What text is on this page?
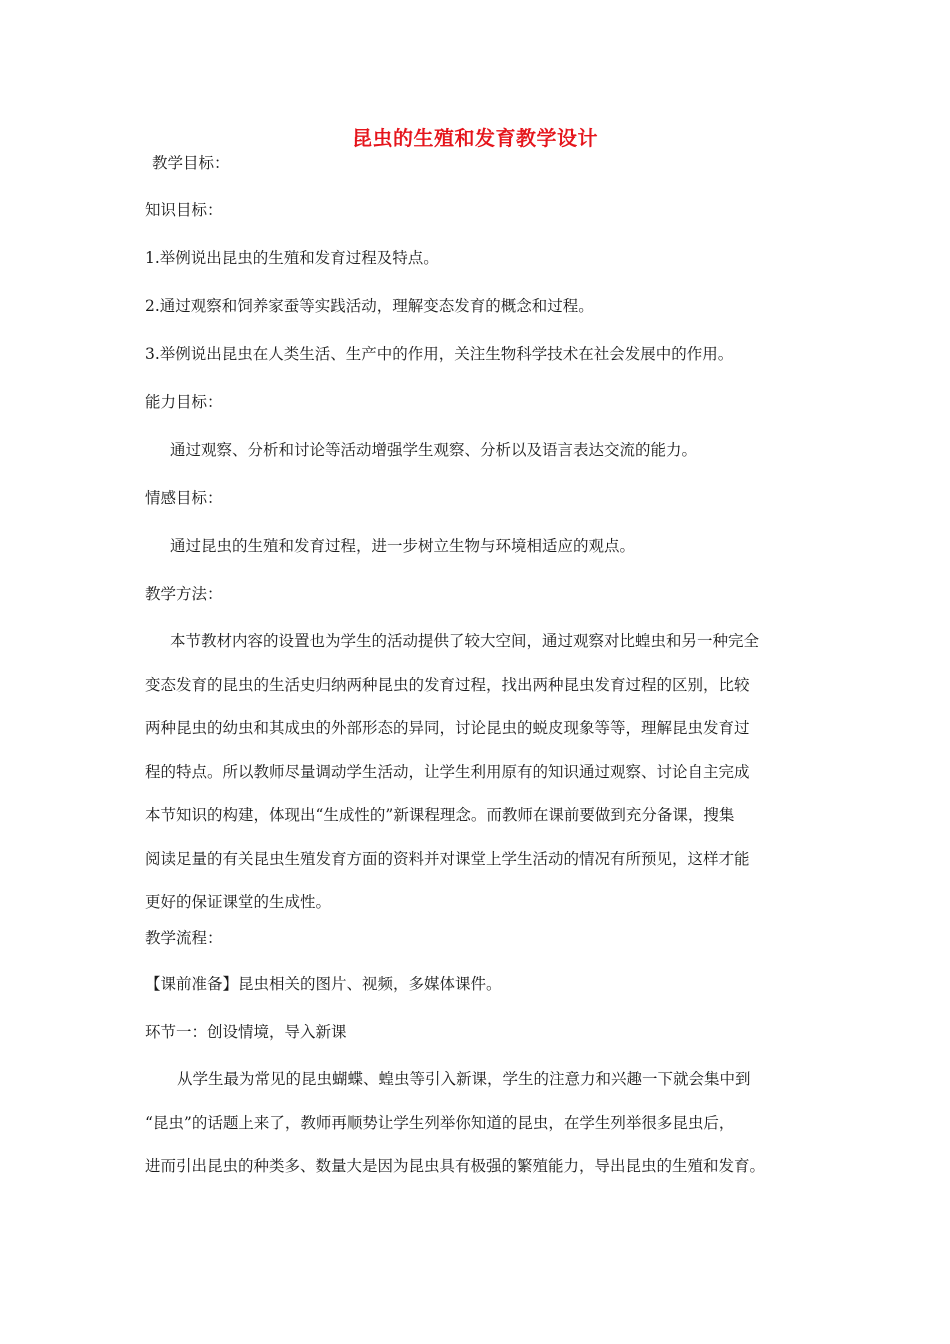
昆虫的生殖和发育教学设计
教学目标：
知识目标：
1.举例说出昆虫的生殖和发育过程及特点。
2.通过观察和饲养家蚕等实践活动，理解变态发育的概念和过程。
3.举例说出昆虫在人类生活、生产中的作用，关注生物科学技术在社会发展中的作用。
能力目标：
通过观察、分析和讨论等活动增强学生观察、分析以及语言表达交流的能力。
情感目标：
通过昆虫的生殖和发育过程，进一步树立生物与环境相适应的观点。
教学方法：
本节教材内容的设置也为学生的活动提供了较大空间，通过观察对比蝗虫和另一种完全
变态发育的昆虫的生活史归纳两种昆虫的发育过程，找出两种昆虫发育过程的区别，比较
两种昆虫的幼虫和其成虫的外部形态的异同，讨论昆虫的蜕皮现象等等，理解昆虫发育过
程的特点。所以教师尽量调动学生活动，让学生利用原有的知识通过观察、讨论自主完成
本节知识的构建，体现出“生成性的”新课程理念。而教师在课前要做到充分备课，搜集
阅读足量的有关昆虫生殖发育方面的资料并对课堂上学生活动的情况有所预见，这样才能
更好的保证课堂的生成性。
教学流程：
【课前准备】昆虫相关的图片、视频，多媒体课件。
环节一：创设情境，导入新课
从学生最为常见的昆虫蝴蝶、蝗虫等引入新课，学生的注意力和兴趣一下就会集中到
“昆虫”的话题上来了，教师再顺势让学生列举你知道的昆虫，在学生列举很多昆虫后，
进而引出昆虫的种类多、数量大是因为昆虫具有极强的繁殖能力，导出昆虫的生殖和发育。
